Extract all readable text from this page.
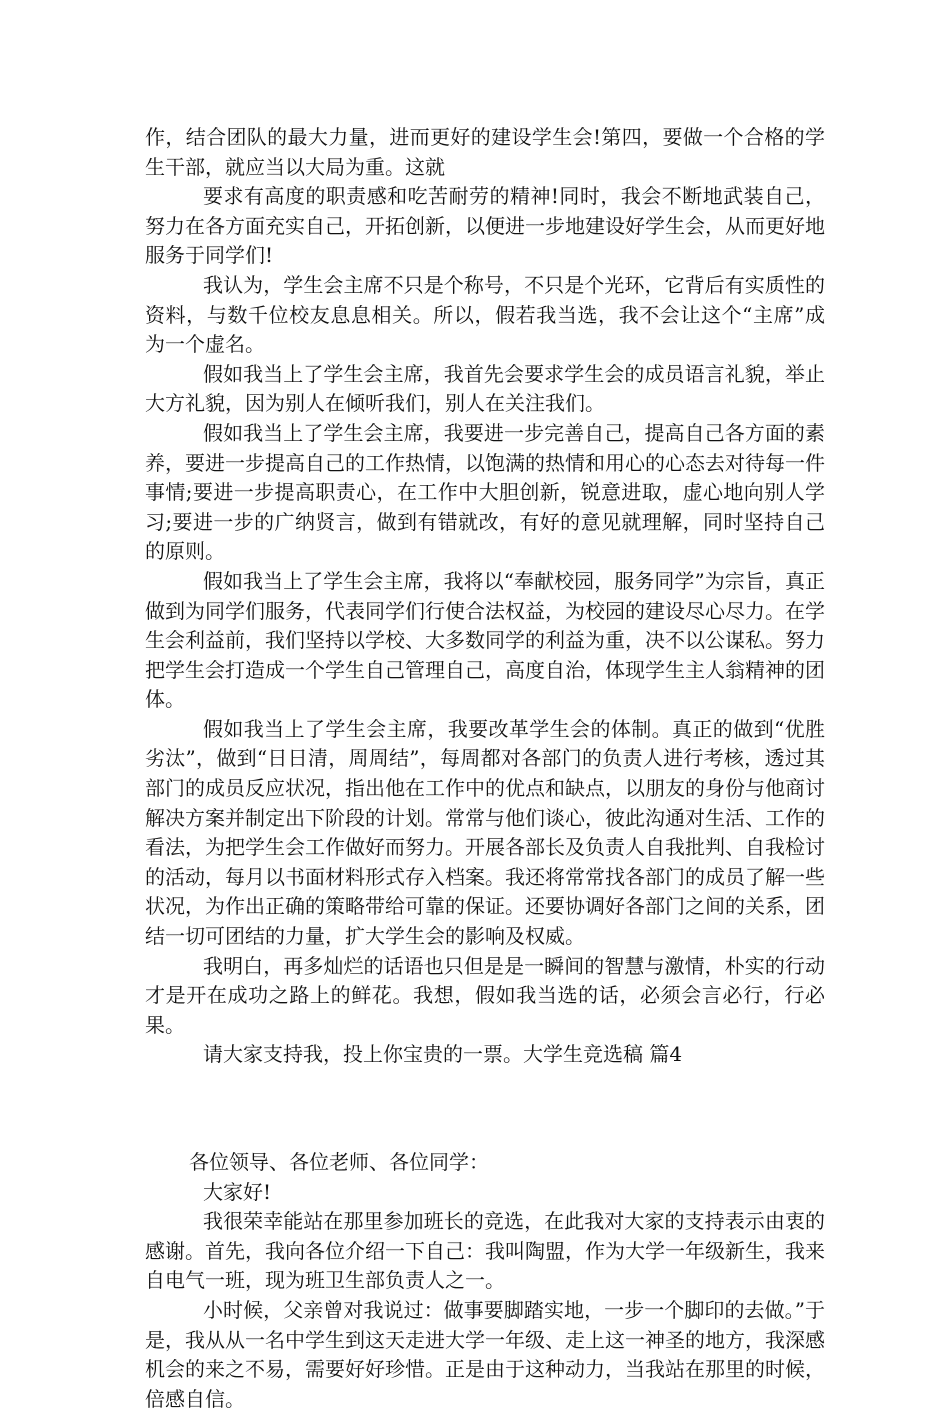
作，结合团队的最大力量，进而更好的建设学生会!第四，要做一个合格的学生干部，就应当以大局为重。这就

要求有高度的职责感和吃苦耐劳的精神!同时，我会不断地武装自己，努力在各方面充实自己，开拓创新，以便进一步地建设好学生会，从而更好地服务于同学们!

我认为，学生会主席不只是个称号，不只是个光环，它背后有实质性的资料，与数千位校友息息相关。所以，假若我当选，我不会让这个“主席”成为一个虚名。

假如我当上了学生会主席，我首先会要求学生会的成员语言礼貌，举止大方礼貌，因为别人在倾听我们，别人在关注我们。

假如我当上了学生会主席，我要进一步完善自己，提高自己各方面的素养，要进一步提高自己的工作热情，以饱满的热情和用心的心态去对待每一件事情;要进一步提高职责心，在工作中大胆创新，锐意进取，虚心地向别人学习;要进一步的广纳贤言，做到有错就改，有好的意见就理解，同时坚持自己的原则。

假如我当上了学生会主席，我将以“奉献校园，服务同学”为宗旨，真正做到为同学们服务，代表同学们行使合法权益，为校园的建设尽心尽力。在学生会利益前，我们坚持以学校、大多数同学的利益为重，决不以公谋私。努力把学生会打造成一个学生自己管理自己，高度自治，体现学生主人翁精神的团体。

假如我当上了学生会主席，我要改革学生会的体制。真正的做到“优胜劣汰”，做到“日日清，周周结”，每周都对各部门的负责人进行考核，透过其部门的成员反应状况，指出他在工作中的优点和缺点，以朋友的身份与他商讨解决方案并制定出下阶段的计划。常常与他们谈心，彼此沟通对生活、工作的看法，为把学生会工作做好而努力。开展各部长及负责人自我批判、自我检讨的活动，每月以书面材料形式存入档案。我还将常常找各部门的成员了解一些状况，为作出正确的策略带给可靠的保证。还要协调好各部门之间的关系，团结一切可团结的力量，扩大学生会的影响及权威。

我明白，再多灿烂的话语也只但是是一瞬间的智慧与激情，朴实的行动才是开在成功之路上的鲜花。我想，假如我当选的话，必须会言必行，行必果。

请大家支持我，投上你宝贵的一票。大学生竞选稿 篇4

各位领导、各位老师、各位同学：

大家好!

我很荣幸能站在那里参加班长的竞选，在此我对大家的支持表示由衷的感谢。首先，我向各位介绍一下自己：我叫陶盟，作为大学一年级新生，我来自电气一班，现为班卫生部负责人之一。

小时候，父亲曾对我说过：做事要脚踏实地，一步一个脚印的去做。”于是，我从从一名中学生到这天走进大学一年级、走上这一神圣的地方，我深感机会的来之不易，需要好好珍惜。正是由于这种动力，当我站在那里的时候，倍感自信。
